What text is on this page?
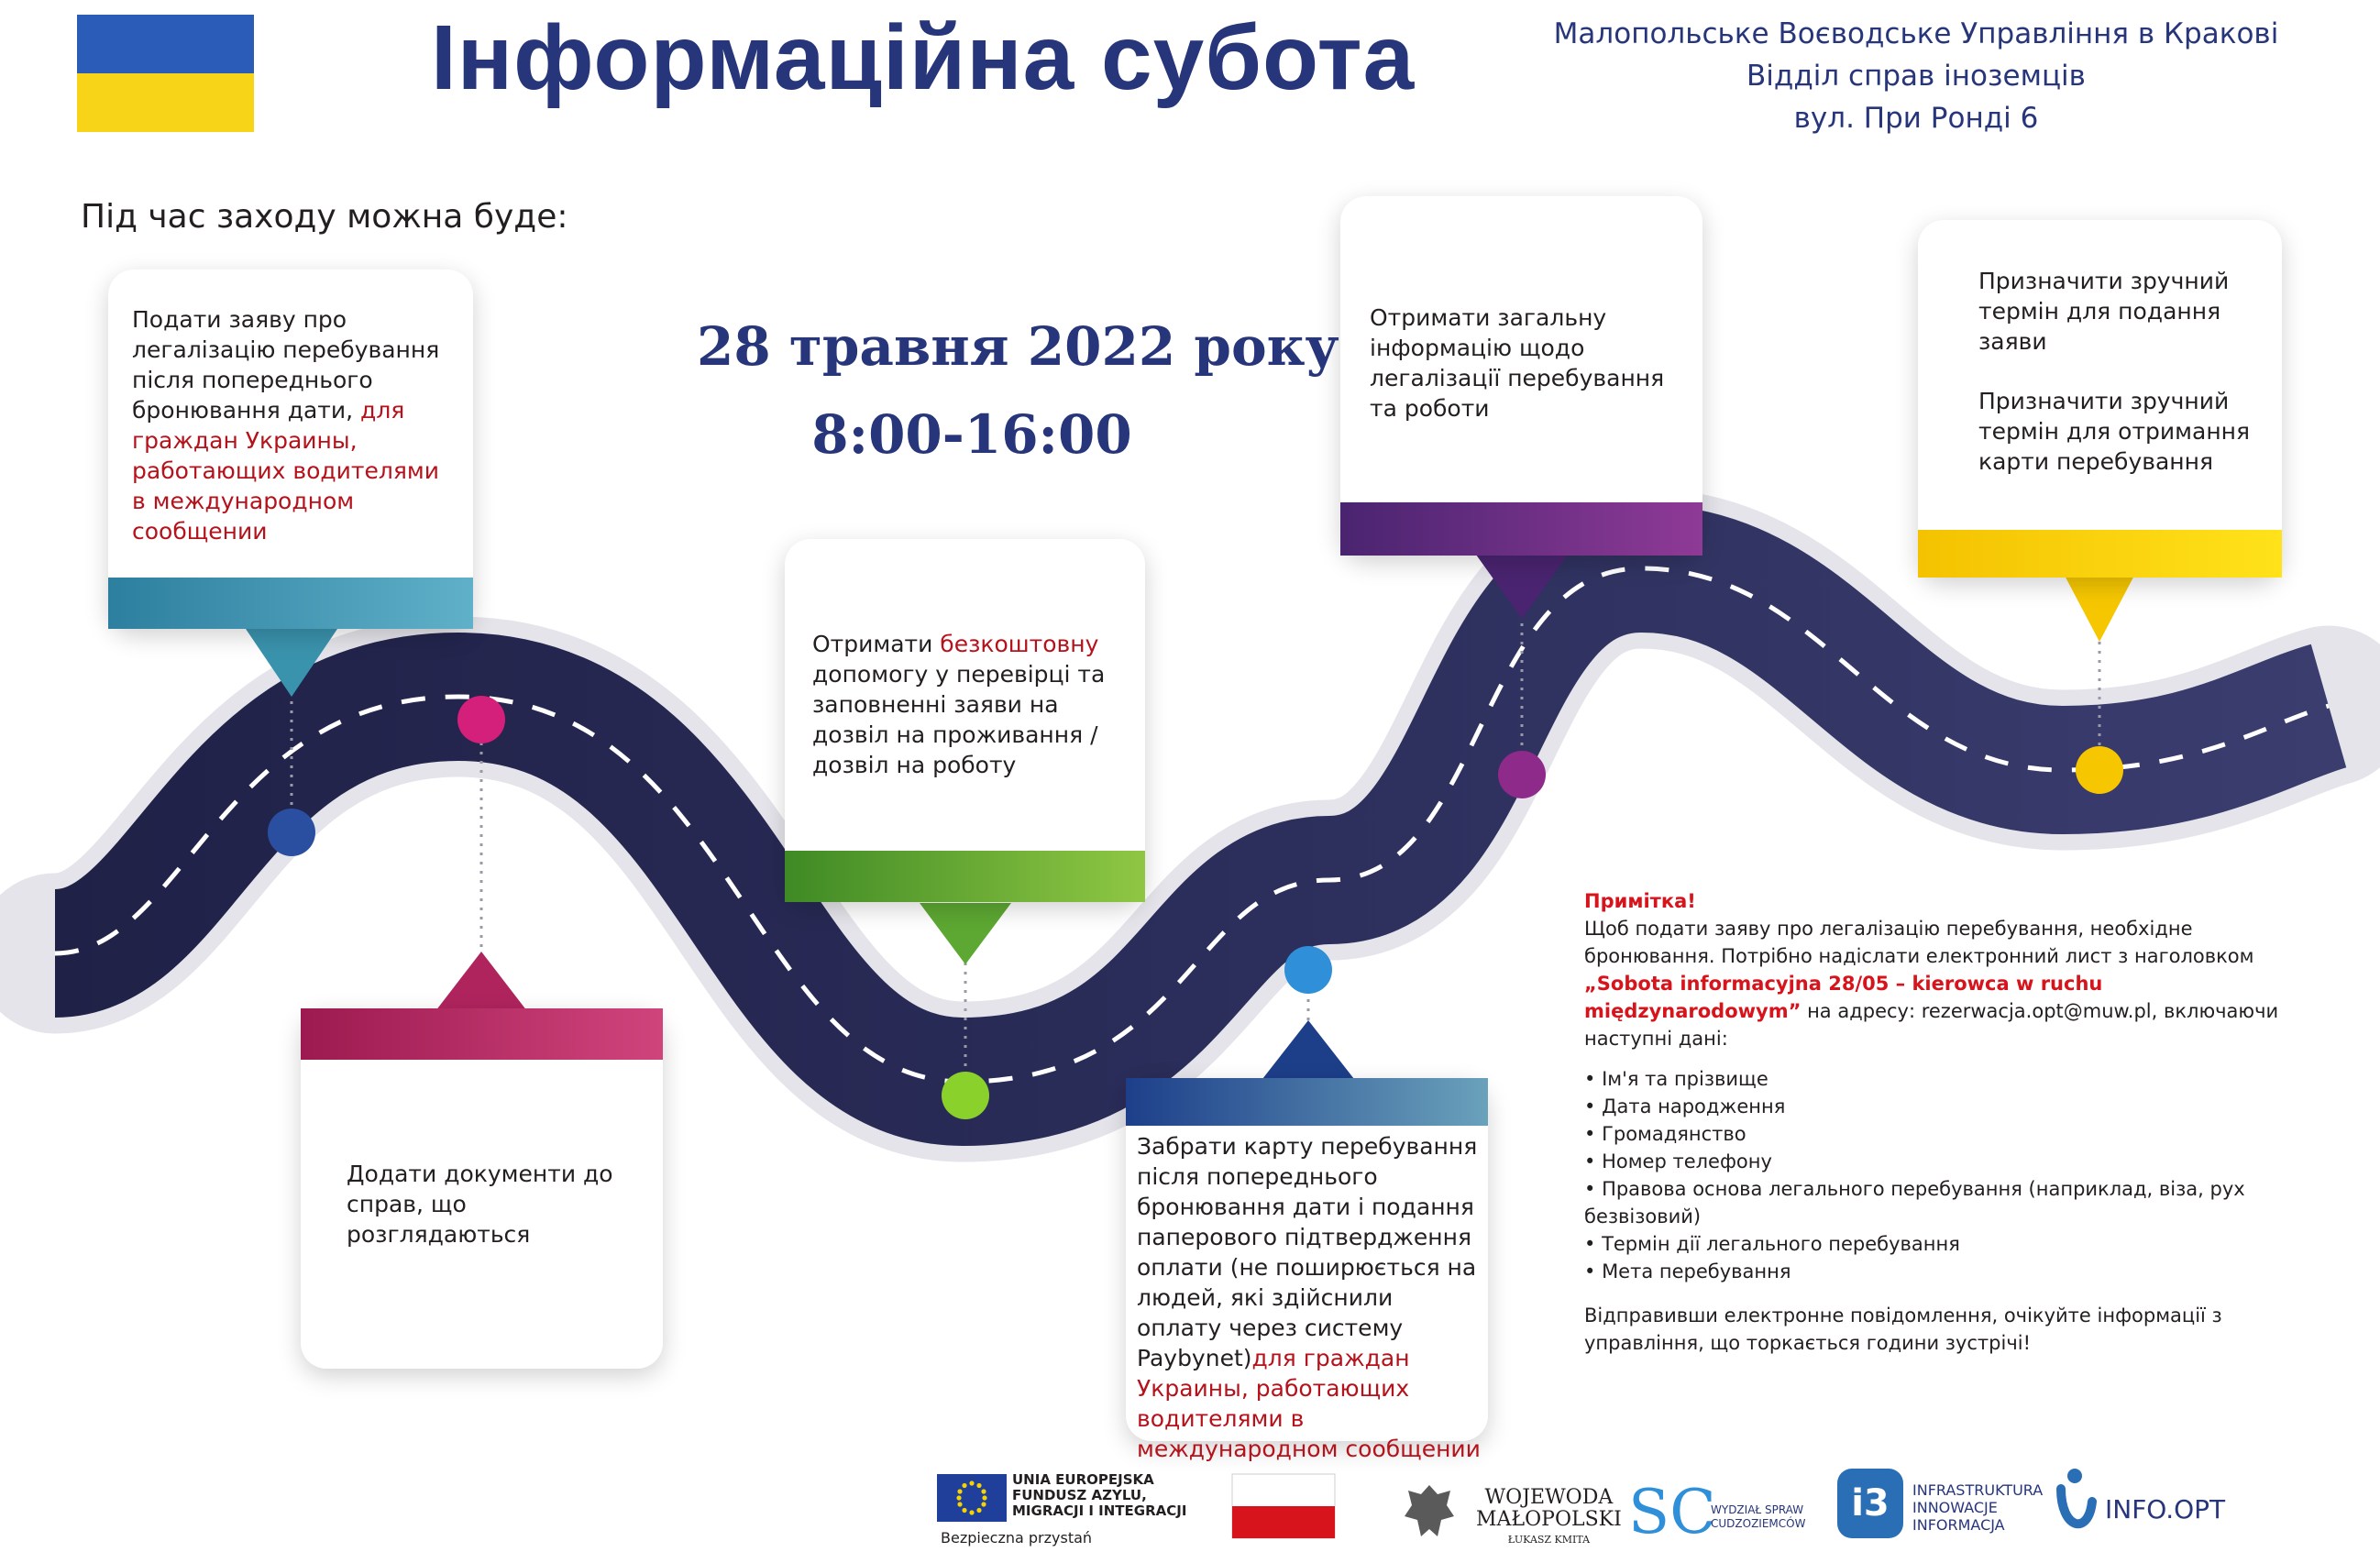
Інформаційна субота	Малопольське Воєводське Управління в Кракові
Відділ справ іноземців
вул. При Рондi 6
Під час заходу можна буде:
Подати заяву про легалізацію перебування після попереднього бронювання дати, для граждан Украины, работающих водителями в международном сообщении
Додати документи до справ, що розглядаються
Отримати безкоштовну допомогу у перевірці та заповненні заяви на дозвіл на проживання / дозвіл на роботу
Забрати карту перебування після попереднього бронювання дати і подання паперового підтвердження оплати (не поширюється на людей, які здійснили оплату через систему Paybynet)для граждан Украины, работающих водителями в международном сообщении
Отримати загальну інформацію щодо легалізації перебування та роботи
Призначити зручний термін для подання заяви
Призначити зручний термін для отримання карти перебування
28 травня 2022 року
8:00-16:00
Примітка!
Щоб подати заяву про легалізацію перебування, необхідне бронювання. Потрібно надіслати електронний лист з наголовком „Sobota informacyjna 28/05 – kierowca w ruchu międzynarodowym” на адресу: rezerwacja.opt@muw.pl, включаючи наступні дані:
• Ім'я та прізвище
• Дата народження
• Громадянство
• Номер телефону
• Правова основа легального перебування (наприклад, віза, рух безвізовий)
• Термін дії легального перебування
• Мета перебування
Відправивши електронне повідомлення, очікуйте інформації з управління, що торкається години зустрічі!
UNIA EUROPEJSKA
FUNDUSZ AZYLU,
MIGRACJI I INTEGRACJI
Bezpieczna przystań
WOJEWODA
MAŁOPOLSKI
ŁUKASZ KMITA SC
WYDZIAŁ SPRAW
CUDZOZIEMCÓW	i3	INFRASTRUKTURA
INNOWACJE
INFORMACJA
INFO.OPT
